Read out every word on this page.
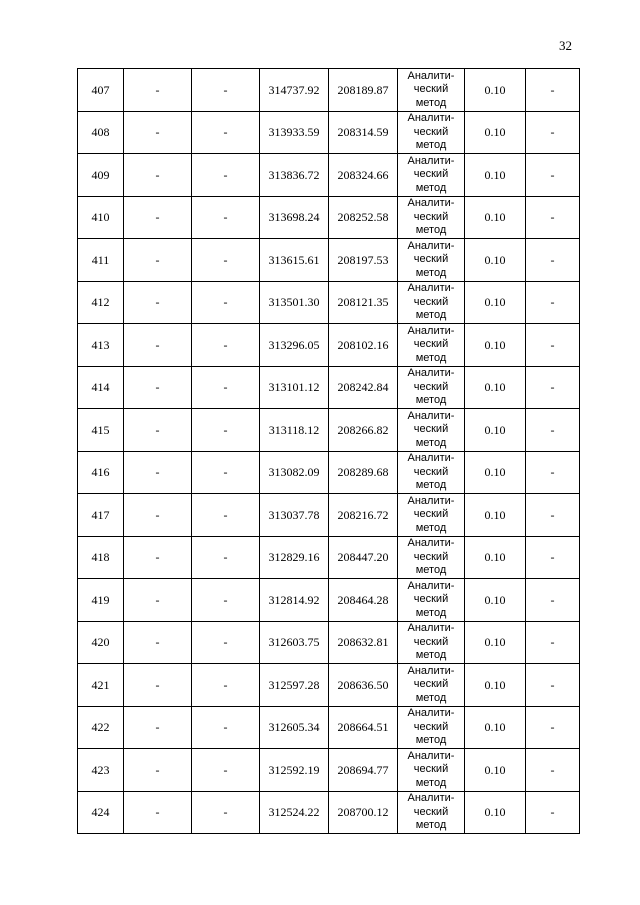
32
407	-	-	314737.92	208189.87	Аналити-
ческий
метод	0.10	-
408	-	-	313933.59	208314.59	Аналити-
ческий
метод	0.10	-
409	-	-	313836.72	208324.66	Аналити-
ческий
метод	0.10	-
410	-	-	313698.24	208252.58	Аналити-
ческий
метод	0.10	-
411	-	-	313615.61	208197.53	Аналити-
ческий
метод	0.10	-
412	-	-	313501.30	208121.35	Аналити-
ческий
метод	0.10	-
413	-	-	313296.05	208102.16	Аналити-
ческий
метод	0.10	-
414	-	-	313101.12	208242.84	Аналити-
ческий
метод	0.10	-
415	-	-	313118.12	208266.82	Аналити-
ческий
метод	0.10	-
416	-	-	313082.09	208289.68	Аналити-
ческий
метод	0.10	-
417	-	-	313037.78	208216.72	Аналити-
ческий
метод	0.10	-
418	-	-	312829.16	208447.20	Аналити-
ческий
метод	0.10	-
419	-	-	312814.92	208464.28	Аналити-
ческий
метод	0.10	-
420	-	-	312603.75	208632.81	Аналити-
ческий
метод	0.10	-
421	-	-	312597.28	208636.50	Аналити-
ческий
метод	0.10	-
422	-	-	312605.34	208664.51	Аналити-
ческий
метод	0.10	-
423	-	-	312592.19	208694.77	Аналити-
ческий
метод	0.10	-
424	-	-	312524.22	208700.12	Аналити-
ческий
метод	0.10	-
